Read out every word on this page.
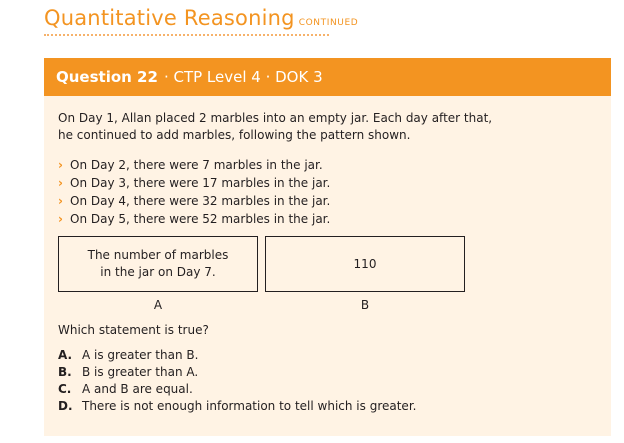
Quantitative Reasoning CONTINUED
Question 22 · CTP Level 4 · DOK 3
On Day 1, Allan placed 2 marbles into an empty jar. Each day after that,
he continued to add marbles, following the pattern shown.
› On Day 2, there were 7 marbles in the jar.
› On Day 3, there were 17 marbles in the jar.
› On Day 4, there were 32 marbles in the jar.
› On Day 5, there were 52 marbles in the jar.
The number of marbles
in the jar on Day 7.
110
A	B
Which statement is true?
A. A is greater than B.
B. B is greater than A.
C. A and B are equal.
D. There is not enough information to tell which is greater.
